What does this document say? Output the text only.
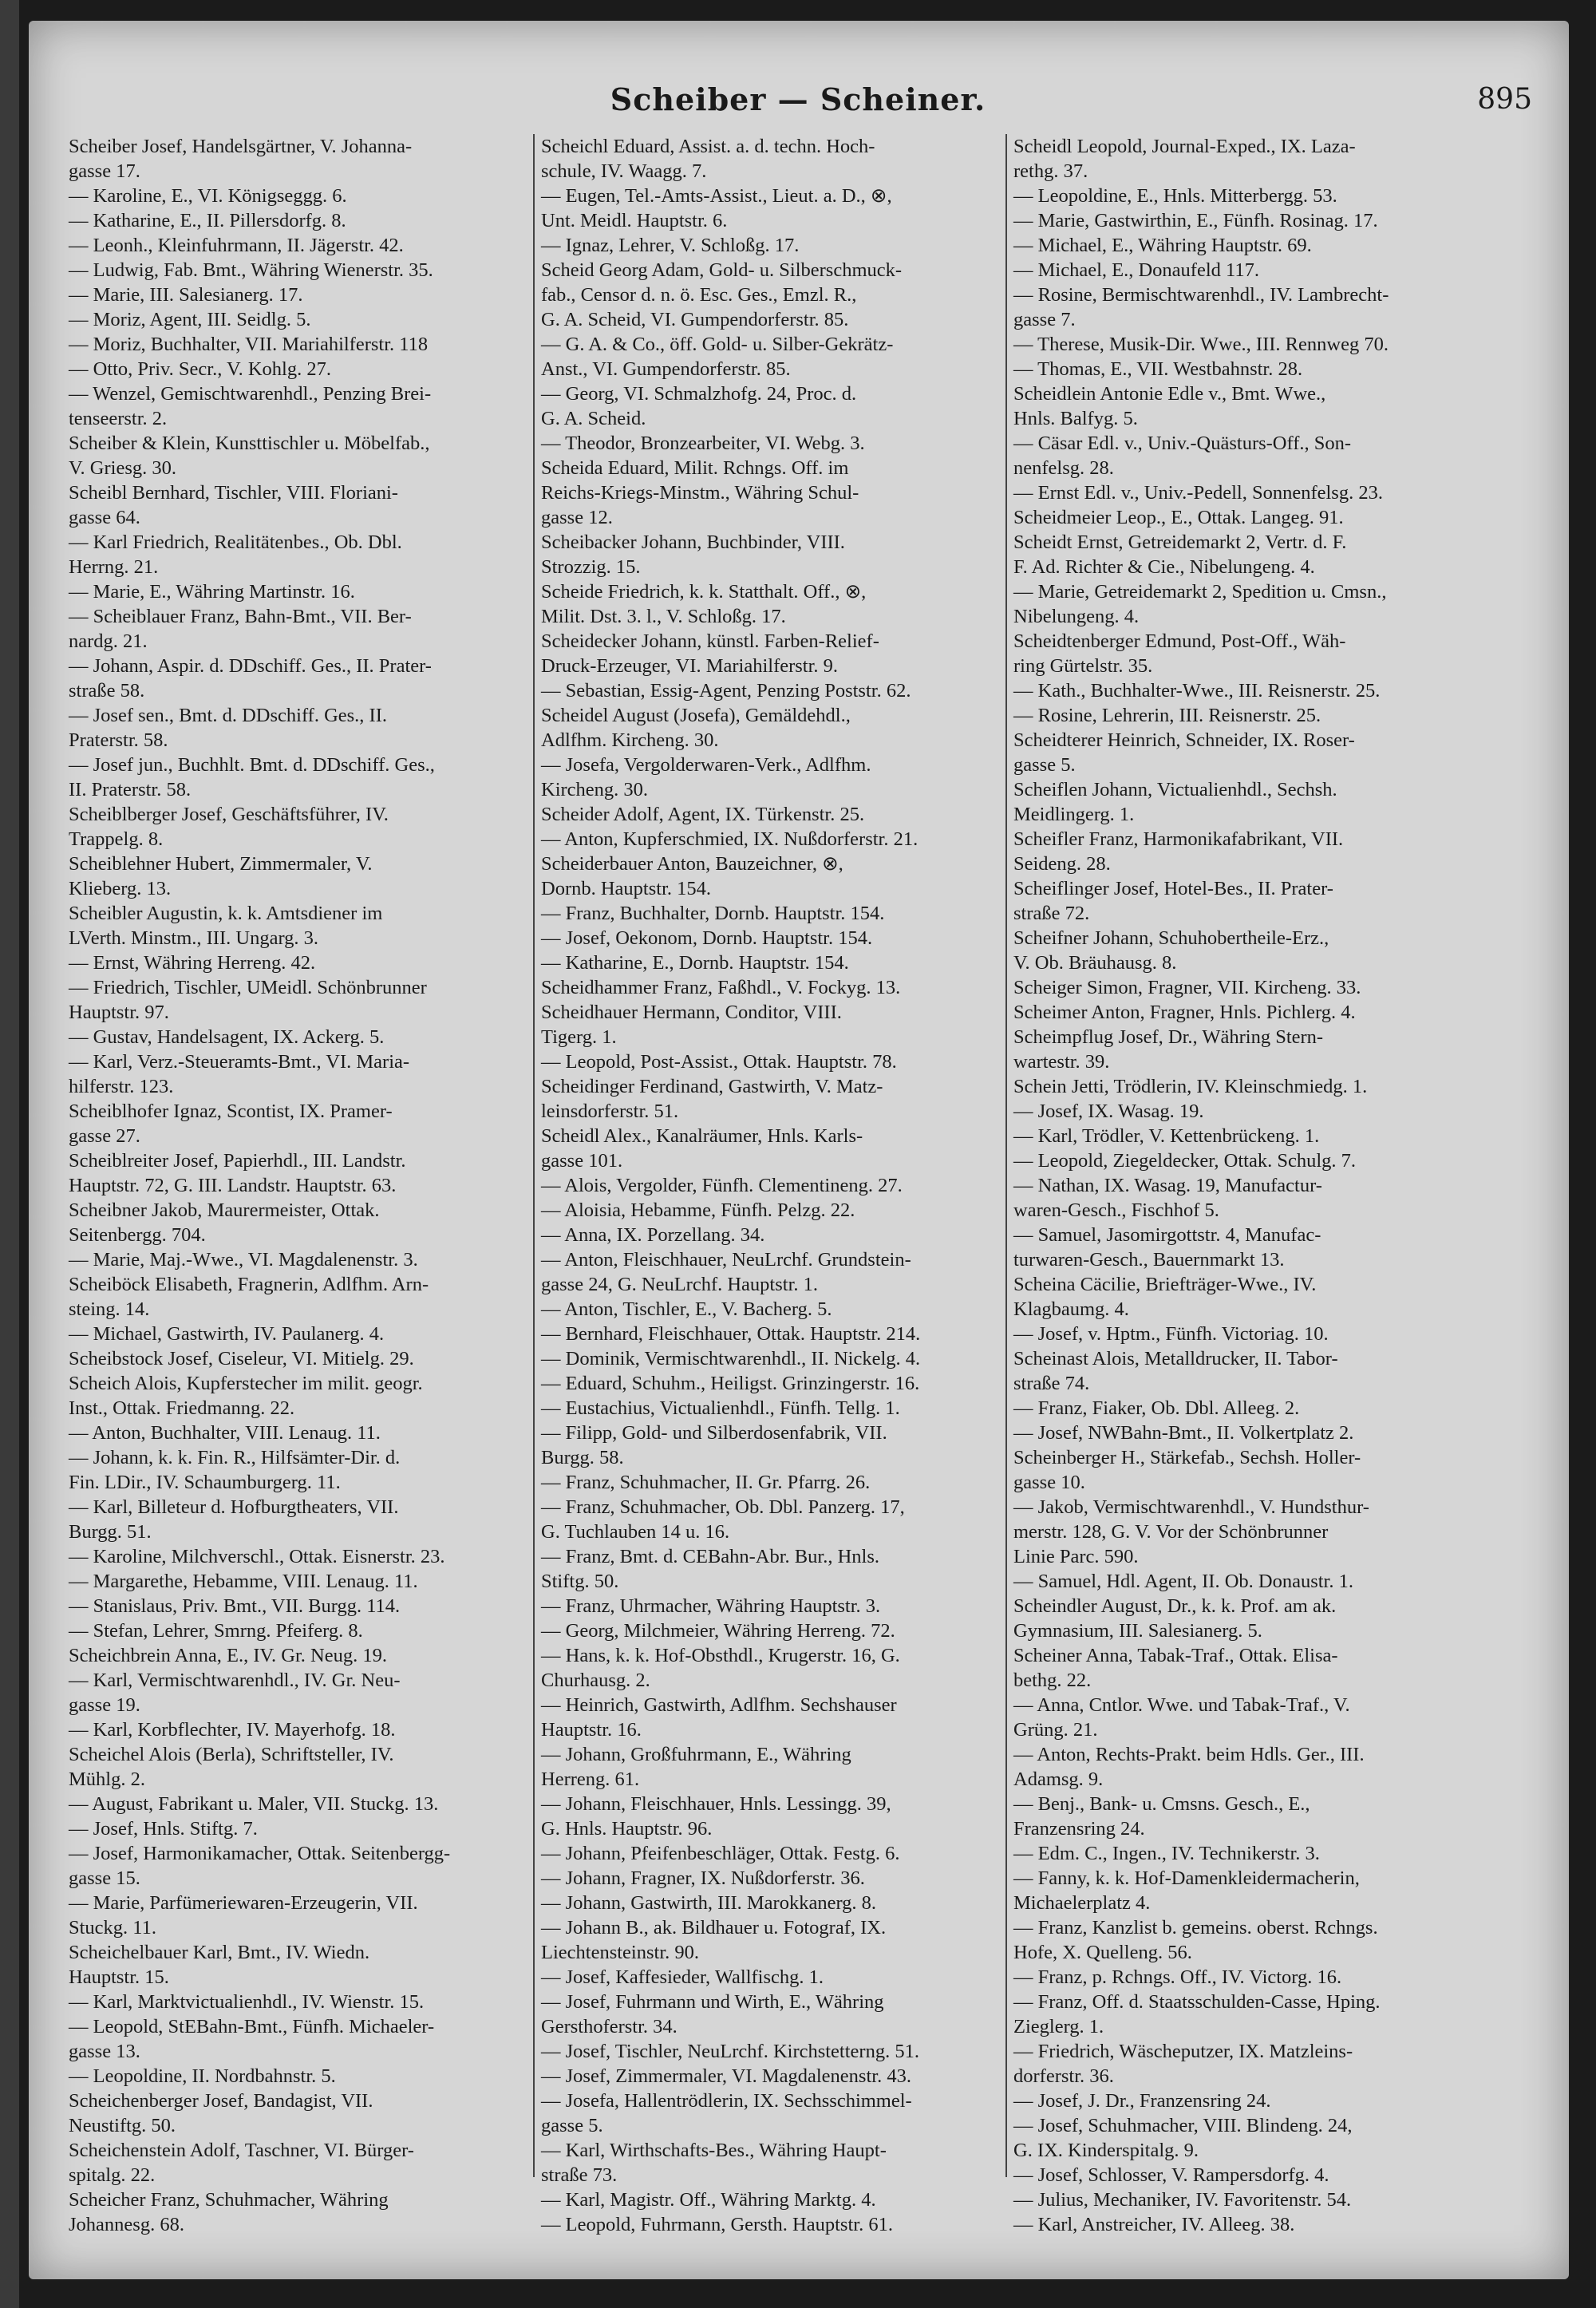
Scheiber — Scheiner.	895
Scheiber Josef, Handelsgärtner, V. Johanna-
gasse 17.
— Karoline, E., VI. Königseggg. 6.
— Katharine, E., II. Pillersdorfg. 8.
— Leonh., Kleinfuhrmann, II. Jägerstr. 42.
— Ludwig, Fab. Bmt., Währing Wienerstr. 35.
— Marie, III. Salesianerg. 17.
— Moriz, Agent, III. Seidlg. 5.
— Moriz, Buchhalter, VII. Mariahilferstr. 118
— Otto, Priv. Secr., V. Kohlg. 27.
— Wenzel, Gemischtwarenhdl., Penzing Brei-
tenseerstr. 2.
Scheiber & Klein, Kunsttischler u. Möbelfab.,
V. Griesg. 30.
Scheibl Bernhard, Tischler, VIII. Floriani-
gasse 64.
— Karl Friedrich, Realitätenbes., Ob. Dbl.
Herrng. 21.
— Marie, E., Währing Martinstr. 16.
— Scheiblauer Franz, Bahn-Bmt., VII. Ber-
nardg. 21.
— Johann, Aspir. d. DDschiff. Ges., II. Prater-
straße 58.
— Josef sen., Bmt. d. DDschiff. Ges., II.
Praterstr. 58.
— Josef jun., Buchhlt. Bmt. d. DDschiff. Ges.,
II. Praterstr. 58.
Scheiblberger Josef, Geschäftsführer, IV.
Trappelg. 8.
Scheiblehner Hubert, Zimmermaler, V.
Klieberg. 13.
Scheibler Augustin, k. k. Amtsdiener im
LVerth. Minstm., III. Ungarg. 3.
— Ernst, Währing Herreng. 42.
— Friedrich, Tischler, UMeidl. Schönbrunner
Hauptstr. 97.
— Gustav, Handelsagent, IX. Ackerg. 5.
— Karl, Verz.-Steueramts-Bmt., VI. Maria-
hilferstr. 123.
Scheiblhofer Ignaz, Scontist, IX. Pramer-
gasse 27.
Scheiblreiter Josef, Papierhdl., III. Landstr.
Hauptstr. 72, G. III. Landstr. Hauptstr. 63.
Scheibner Jakob, Maurermeister, Ottak.
Seitenbergg. 704.
— Marie, Maj.-Wwe., VI. Magdalenenstr. 3.
Scheiböck Elisabeth, Fragnerin, Adlfhm. Arn-
steing. 14.
— Michael, Gastwirth, IV. Paulanerg. 4.
Scheibstock Josef, Ciseleur, VI. Mitielg. 29.
Scheich Alois, Kupferstecher im milit. geogr.
Inst., Ottak. Friedmanng. 22.
— Anton, Buchhalter, VIII. Lenaug. 11.
— Johann, k. k. Fin. R., Hilfsämter-Dir. d.
Fin. LDir., IV. Schaumburgerg. 11.
— Karl, Billeteur d. Hofburgtheaters, VII.
Burgg. 51.
— Karoline, Milchverschl., Ottak. Eisnerstr. 23.
— Margarethe, Hebamme, VIII. Lenaug. 11.
— Stanislaus, Priv. Bmt., VII. Burgg. 114.
— Stefan, Lehrer, Smrng. Pfeiferg. 8.
Scheichbrein Anna, E., IV. Gr. Neug. 19.
— Karl, Vermischtwarenhdl., IV. Gr. Neu-
gasse 19.
— Karl, Korbflechter, IV. Mayerhofg. 18.
Scheichel Alois (Berla), Schriftsteller, IV.
Mühlg. 2.
— August, Fabrikant u. Maler, VII. Stuckg. 13.
— Josef, Hnls. Stiftg. 7.
— Josef, Harmonikamacher, Ottak. Seitenbergg-
gasse 15.
— Marie, Parfümeriewaren-Erzeugerin, VII.
Stuckg. 11.
Scheichelbauer Karl, Bmt., IV. Wiedn.
Hauptstr. 15.
— Karl, Marktvictualienhdl., IV. Wienstr. 15.
— Leopold, StEBahn-Bmt., Fünfh. Michaeler-
gasse 13.
— Leopoldine, II. Nordbahnstr. 5.
Scheichenberger Josef, Bandagist, VII.
Neustiftg. 50.
Scheichenstein Adolf, Taschner, VI. Bürger-
spitalg. 22.
Scheicher Franz, Schuhmacher, Währing
Johannesg. 68.
Scheichl Eduard, Assist. a. d. techn. Hoch-
schule, IV. Waagg. 7.
— Eugen, Tel.-Amts-Assist., Lieut. a. D., ⊗,
Unt. Meidl. Hauptstr. 6.
— Ignaz, Lehrer, V. Schloßg. 17.
Scheid Georg Adam, Gold- u. Silberschmuck-
fab., Censor d. n. ö. Esc. Ges., Emzl. R.,
G. A. Scheid, VI. Gumpendorferstr. 85.
— G. A. & Co., öff. Gold- u. Silber-Gekrätz-
Anst., VI. Gumpendorferstr. 85.
— Georg, VI. Schmalzhofg. 24, Proc. d.
G. A. Scheid.
— Theodor, Bronzearbeiter, VI. Webg. 3.
Scheida Eduard, Milit. Rchngs. Off. im
Reichs-Kriegs-Minstm., Währing Schul-
gasse 12.
Scheibacker Johann, Buchbinder, VIII.
Strozzig. 15.
Scheide Friedrich, k. k. Statthalt. Off., ⊗,
Milit. Dst. 3. l., V. Schloßg. 17.
Scheidecker Johann, künstl. Farben-Relief-
Druck-Erzeuger, VI. Mariahilferstr. 9.
— Sebastian, Essig-Agent, Penzing Poststr. 62.
Scheidel August (Josefa), Gemäldehdl.,
Adlfhm. Kircheng. 30.
— Josefa, Vergolderwaren-Verk., Adlfhm.
Kircheng. 30.
Scheider Adolf, Agent, IX. Türkenstr. 25.
— Anton, Kupferschmied, IX. Nußdorferstr. 21.
Scheiderbauer Anton, Bauzeichner, ⊗,
Dornb. Hauptstr. 154.
— Franz, Buchhalter, Dornb. Hauptstr. 154.
— Josef, Oekonom, Dornb. Hauptstr. 154.
— Katharine, E., Dornb. Hauptstr. 154.
Scheidhammer Franz, Faßhdl., V. Fockyg. 13.
Scheidhauer Hermann, Conditor, VIII.
Tigerg. 1.
— Leopold, Post-Assist., Ottak. Hauptstr. 78.
Scheidinger Ferdinand, Gastwirth, V. Matz-
leinsdorferstr. 51.
Scheidl Alex., Kanalräumer, Hnls. Karls-
gasse 101.
— Alois, Vergolder, Fünfh. Clementineng. 27.
— Aloisia, Hebamme, Fünfh. Pelzg. 22.
— Anna, IX. Porzellang. 34.
— Anton, Fleischhauer, NeuLrchf. Grundstein-
gasse 24, G. NeuLrchf. Hauptstr. 1.
— Anton, Tischler, E., V. Bacherg. 5.
— Bernhard, Fleischhauer, Ottak. Hauptstr. 214.
— Dominik, Vermischtwarenhdl., II. Nickelg. 4.
— Eduard, Schuhm., Heiligst. Grinzingerstr. 16.
— Eustachius, Victualienhdl., Fünfh. Tellg. 1.
— Filipp, Gold- und Silberdosenfabrik, VII.
Burgg. 58.
— Franz, Schuhmacher, II. Gr. Pfarrg. 26.
— Franz, Schuhmacher, Ob. Dbl. Panzerg. 17,
G. Tuchlauben 14 u. 16.
— Franz, Bmt. d. CEBahn-Abr. Bur., Hnls.
Stiftg. 50.
— Franz, Uhrmacher, Währing Hauptstr. 3.
— Georg, Milchmeier, Währing Herreng. 72.
— Hans, k. k. Hof-Obsthdl., Krugerstr. 16, G.
Churhausg. 2.
— Heinrich, Gastwirth, Adlfhm. Sechshauser
Hauptstr. 16.
— Johann, Großfuhrmann, E., Währing
Herreng. 61.
— Johann, Fleischhauer, Hnls. Lessingg. 39,
G. Hnls. Hauptstr. 96.
— Johann, Pfeifenbeschläger, Ottak. Festg. 6.
— Johann, Fragner, IX. Nußdorferstr. 36.
— Johann, Gastwirth, III. Marokkanerg. 8.
— Johann B., ak. Bildhauer u. Fotograf, IX.
Liechtensteinstr. 90.
— Josef, Kaffesieder, Wallfischg. 1.
— Josef, Fuhrmann und Wirth, E., Währing
Gersthoferstr. 34.
— Josef, Tischler, NeuLrchf. Kirchstetterng. 51.
— Josef, Zimmermaler, VI. Magdalenenstr. 43.
— Josefa, Hallentrödlerin, IX. Sechsschimmel-
gasse 5.
— Karl, Wirthschafts-Bes., Währing Haupt-
straße 73.
— Karl, Magistr. Off., Währing Marktg. 4.
— Leopold, Fuhrmann, Gersth. Hauptstr. 61.
Scheidl Leopold, Journal-Exped., IX. Laza-
rethg. 37.
— Leopoldine, E., Hnls. Mitterbergg. 53.
— Marie, Gastwirthin, E., Fünfh. Rosinag. 17.
— Michael, E., Währing Hauptstr. 69.
— Michael, E., Donaufeld 117.
— Rosine, Bermischtwarenhdl., IV. Lambrecht-
gasse 7.
— Therese, Musik-Dir. Wwe., III. Rennweg 70.
— Thomas, E., VII. Westbahnstr. 28.
Scheidlein Antonie Edle v., Bmt. Wwe.,
Hnls. Balfyg. 5.
— Cäsar Edl. v., Univ.-Quästurs-Off., Son-
nenfelsg. 28.
— Ernst Edl. v., Univ.-Pedell, Sonnenfelsg. 23.
Scheidmeier Leop., E., Ottak. Langeg. 91.
Scheidt Ernst, Getreidemarkt 2, Vertr. d. F.
F. Ad. Richter & Cie., Nibelungeng. 4.
— Marie, Getreidemarkt 2, Spedition u. Cmsn.,
Nibelungeng. 4.
Scheidtenberger Edmund, Post-Off., Wäh-
ring Gürtelstr. 35.
— Kath., Buchhalter-Wwe., III. Reisnerstr. 25.
— Rosine, Lehrerin, III. Reisnerstr. 25.
Scheidterer Heinrich, Schneider, IX. Roser-
gasse 5.
Scheiflen Johann, Victualienhdl., Sechsh.
Meidlingerg. 1.
Scheifler Franz, Harmonikafabrikant, VII.
Seideng. 28.
Scheiflinger Josef, Hotel-Bes., II. Prater-
straße 72.
Scheifner Johann, Schuhobertheile-Erz.,
V. Ob. Bräuhausg. 8.
Scheiger Simon, Fragner, VII. Kircheng. 33.
Scheimer Anton, Fragner, Hnls. Pichlerg. 4.
Scheimpflug Josef, Dr., Währing Stern-
wartestr. 39.
Schein Jetti, Trödlerin, IV. Kleinschmiedg. 1.
— Josef, IX. Wasag. 19.
— Karl, Trödler, V. Kettenbrückeng. 1.
— Leopold, Ziegeldecker, Ottak. Schulg. 7.
— Nathan, IX. Wasag. 19, Manufactur-
waren-Gesch., Fischhof 5.
— Samuel, Jasomirgottstr. 4, Manufac-
turwaren-Gesch., Bauernmarkt 13.
Scheina Cäcilie, Briefträger-Wwe., IV.
Klagbaumg. 4.
— Josef, v. Hptm., Fünfh. Victoriag. 10.
Scheinast Alois, Metalldrucker, II. Tabor-
straße 74.
— Franz, Fiaker, Ob. Dbl. Alleeg. 2.
— Josef, NWBahn-Bmt., II. Volkertplatz 2.
Scheinberger H., Stärkefab., Sechsh. Holler-
gasse 10.
— Jakob, Vermischtwarenhdl., V. Hundsthur-
merstr. 128, G. V. Vor der Schönbrunner
Linie Parc. 590.
— Samuel, Hdl. Agent, II. Ob. Donaustr. 1.
Scheindler August, Dr., k. k. Prof. am ak.
Gymnasium, III. Salesianerg. 5.
Scheiner Anna, Tabak-Traf., Ottak. Elisa-
bethg. 22.
— Anna, Cntlor. Wwe. und Tabak-Traf., V.
Grüng. 21.
— Anton, Rechts-Prakt. beim Hdls. Ger., III.
Adamsg. 9.
— Benj., Bank- u. Cmsns. Gesch., E.,
Franzensring 24.
— Edm. C., Ingen., IV. Technikerstr. 3.
— Fanny, k. k. Hof-Damenkleidermacherin,
Michaelerplatz 4.
— Franz, Kanzlist b. gemeins. oberst. Rchngs.
Hofe, X. Quelleng. 56.
— Franz, p. Rchngs. Off., IV. Victorg. 16.
— Franz, Off. d. Staatsschulden-Casse, Hping.
Zieglerg. 1.
— Friedrich, Wäscheputzer, IX. Matzleins-
dorferstr. 36.
— Josef, J. Dr., Franzensring 24.
— Josef, Schuhmacher, VIII. Blindeng. 24,
G. IX. Kinderspitalg. 9.
— Josef, Schlosser, V. Rampersdorfg. 4.
— Julius, Mechaniker, IV. Favoritenstr. 54.
— Karl, Anstreicher, IV. Alleeg. 38.
